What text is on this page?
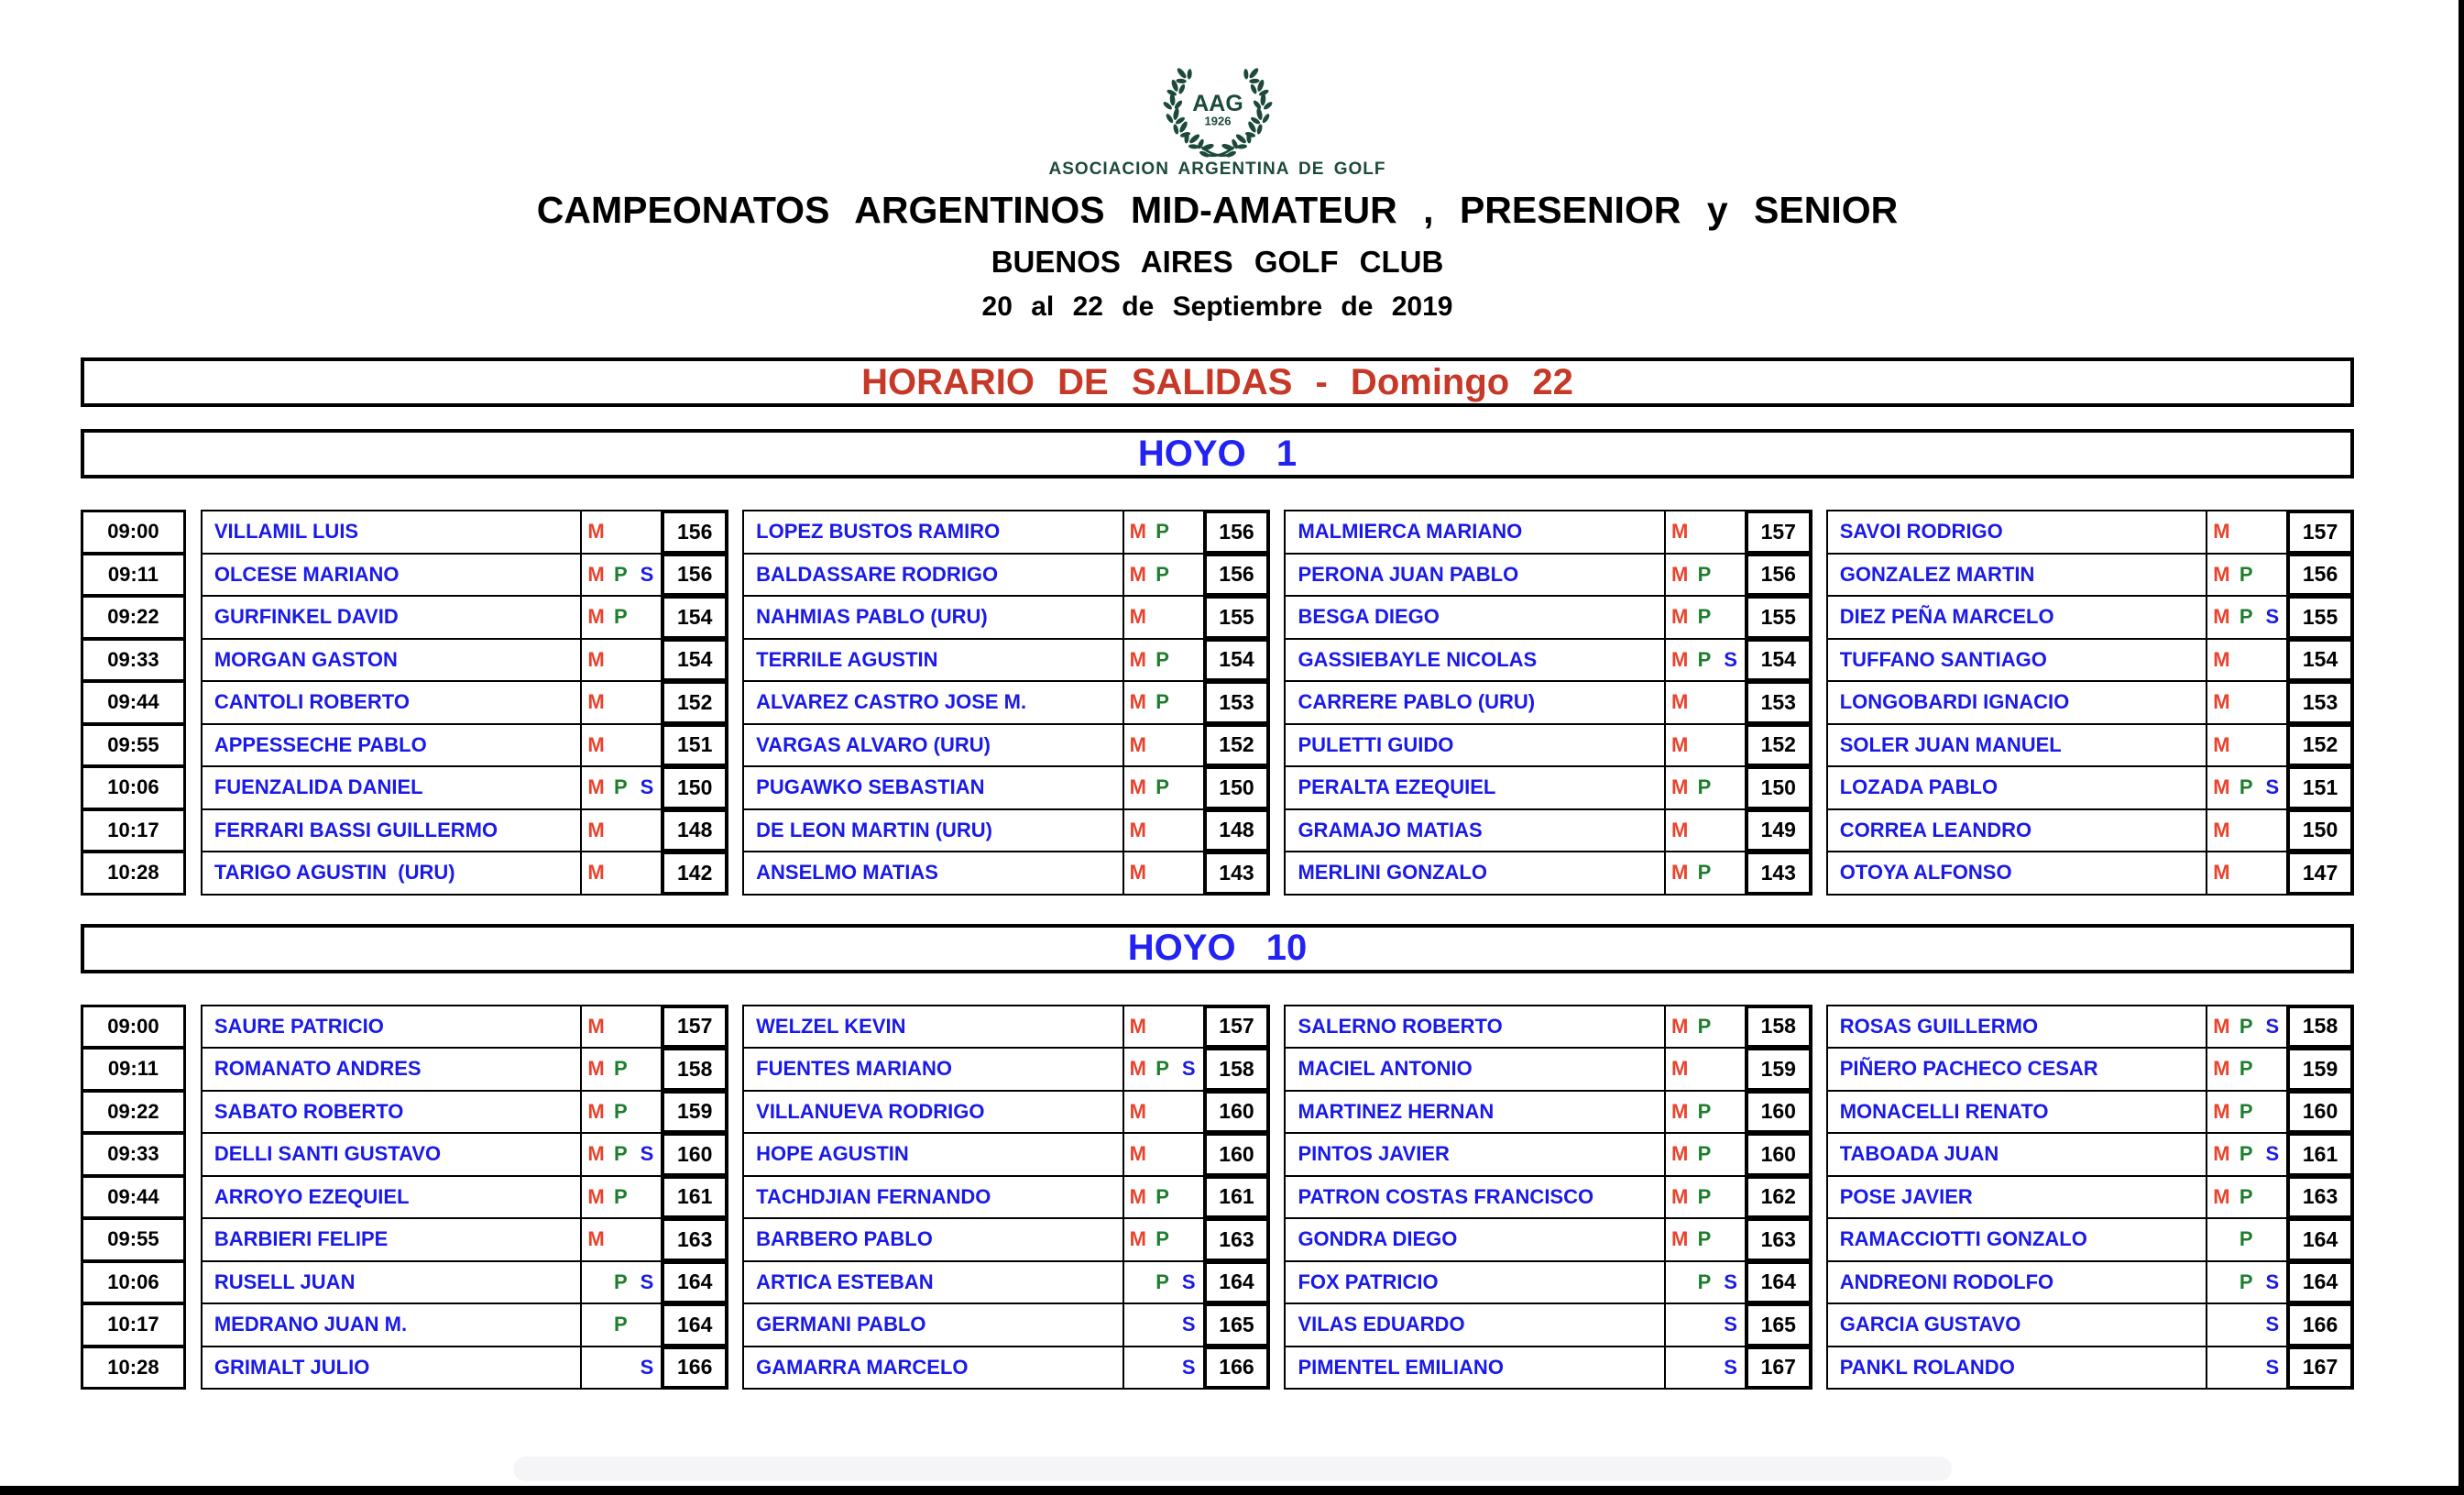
AAG
1926
ASOCIACION ARGENTINA DE GOLF
CAMPEONATOS ARGENTINOS MID-AMATEUR , PRESENIOR y SENIOR
BUENOS AIRES GOLF CLUB
20 al 22 de Septiembre de 2019
HORARIO DE SALIDAS - Domingo 22
HOYO 1
09:00	VILLAMIL LUIS	M	156	LOPEZ BUSTOS RAMIRO	M P	156	MALMIERCA MARIANO	M	157	SAVOI RODRIGO	M	157
09:11	OLCESE MARIANO	M P S	156	BALDASSARE RODRIGO	M P	156	PERONA JUAN PABLO	M P	156	GONZALEZ MARTIN	M P	156
09:22	GURFINKEL DAVID	M P	154	NAHMIAS PABLO (URU)	M	155	BESGA DIEGO	M P	155	DIEZ PEÑA MARCELO	M P S	155
09:33	MORGAN GASTON	M	154	TERRILE AGUSTIN	M P	154	GASSIEBAYLE NICOLAS	M P S	154	TUFFANO SANTIAGO	M	154
09:44	CANTOLI ROBERTO	M	152	ALVAREZ CASTRO JOSE M.	M P	153	CARRERE PABLO (URU)	M	153	LONGOBARDI IGNACIO	M	153
09:55	APPESSECHE PABLO	M	151	VARGAS ALVARO (URU)	M	152	PULETTI GUIDO	M	152	SOLER JUAN MANUEL	M	152
10:06	FUENZALIDA DANIEL	M P S	150	PUGAWKO SEBASTIAN	M P	150	PERALTA EZEQUIEL	M P	150	LOZADA PABLO	M P S	151
10:17	FERRARI BASSI GUILLERMO	M	148	DE LEON MARTIN (URU)	M	148	GRAMAJO MATIAS	M	149	CORREA LEANDRO	M	150
10:28	TARIGO AGUSTIN  (URU)	M	142	ANSELMO MATIAS	M	143	MERLINI GONZALO	M P	143	OTOYA ALFONSO	M	147
HOYO 10
09:00	SAURE PATRICIO	M	157	WELZEL KEVIN	M	157	SALERNO ROBERTO	M P	158	ROSAS GUILLERMO	M P S	158
09:11	ROMANATO ANDRES	M P	158	FUENTES MARIANO	M P S	158	MACIEL ANTONIO	M	159	PIÑERO PACHECO CESAR	M P	159
09:22	SABATO ROBERTO	M P	159	VILLANUEVA RODRIGO	M	160	MARTINEZ HERNAN	M P	160	MONACELLI RENATO	M P	160
09:33	DELLI SANTI GUSTAVO	M P S	160	HOPE AGUSTIN	M	160	PINTOS JAVIER	M P	160	TABOADA JUAN	M P S	161
09:44	ARROYO EZEQUIEL	M P	161	TACHDJIAN FERNANDO	M P	161	PATRON COSTAS FRANCISCO	M P	162	POSE JAVIER	M P	163
09:55	BARBIERI FELIPE	M	163	BARBERO PABLO	M P	163	GONDRA DIEGO	M P	163	RAMACCIOTTI GONZALO	P	164
10:06	RUSELL JUAN	P S	164	ARTICA ESTEBAN	P S	164	FOX PATRICIO	P S	164	ANDREONI RODOLFO	P S	164
10:17	MEDRANO JUAN M.	P	164	GERMANI PABLO	S	165	VILAS EDUARDO	S	165	GARCIA GUSTAVO	S	166
10:28	GRIMALT JULIO	S	166	GAMARRA MARCELO	S	166	PIMENTEL EMILIANO	S	167	PANKL ROLANDO	S	167
